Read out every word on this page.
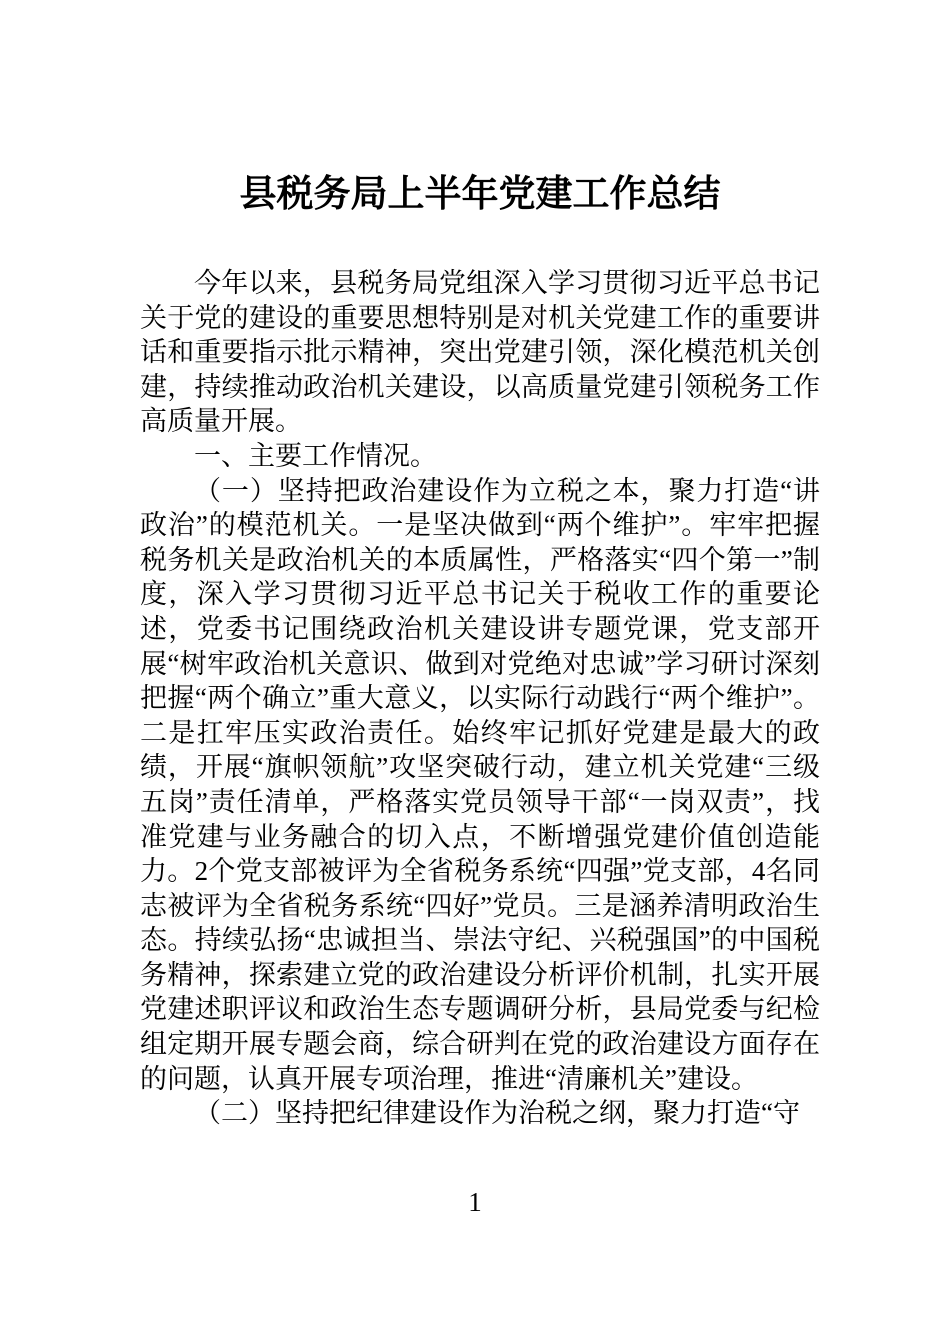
县税务局上半年党建工作总结

今年以来，县税务局党组深入学习贯彻习近平总书记关于党的建设的重要思想特别是对机关党建工作的重要讲话和重要指示批示精神，突出党建引领，深化模范机关创建，持续推动政治机关建设，以高质量党建引领税务工作高质量开展。

一、主要工作情况。

（一）坚持把政治建设作为立税之本，聚力打造“讲政治”的模范机关。一是坚决做到“两个维护”。牢牢把握税务机关是政治机关的本质属性，严格落实“四个第一”制度，深入学习贯彻习近平总书记关于税收工作的重要论述，党委书记围绕政治机关建设讲专题党课，党支部开展“树牢政治机关意识、做到对党绝对忠诚”学习研讨深刻把握“两个确立”重大意义，以实际行动践行“两个维护”。二是扛牢压实政治责任。始终牢记抓好党建是最大的政绩，开展“旗帜领航”攻坚突破行动，建立机关党建“三级五岗”责任清单，严格落实党员领导干部“一岗双责”，找准党建与业务融合的切入点，不断增强党建价值创造能力。2个党支部被评为全省税务系统“四强”党支部，4名同志被评为全省税务系统“四好”党员。三是涵养清明政治生态。持续弘扬“忠诚担当、崇法守纪、兴税强国”的中国税务精神，探索建立党的政治建设分析评价机制，扎实开展党建述职评议和政治生态专题调研分析，县局党委与纪检组定期开展专题会商，综合研判在党的政治建设方面存在的问题，认真开展专项治理，推进“清廉机关”建设。

（二）坚持把纪律建设作为治税之纲，聚力打造“守

1
